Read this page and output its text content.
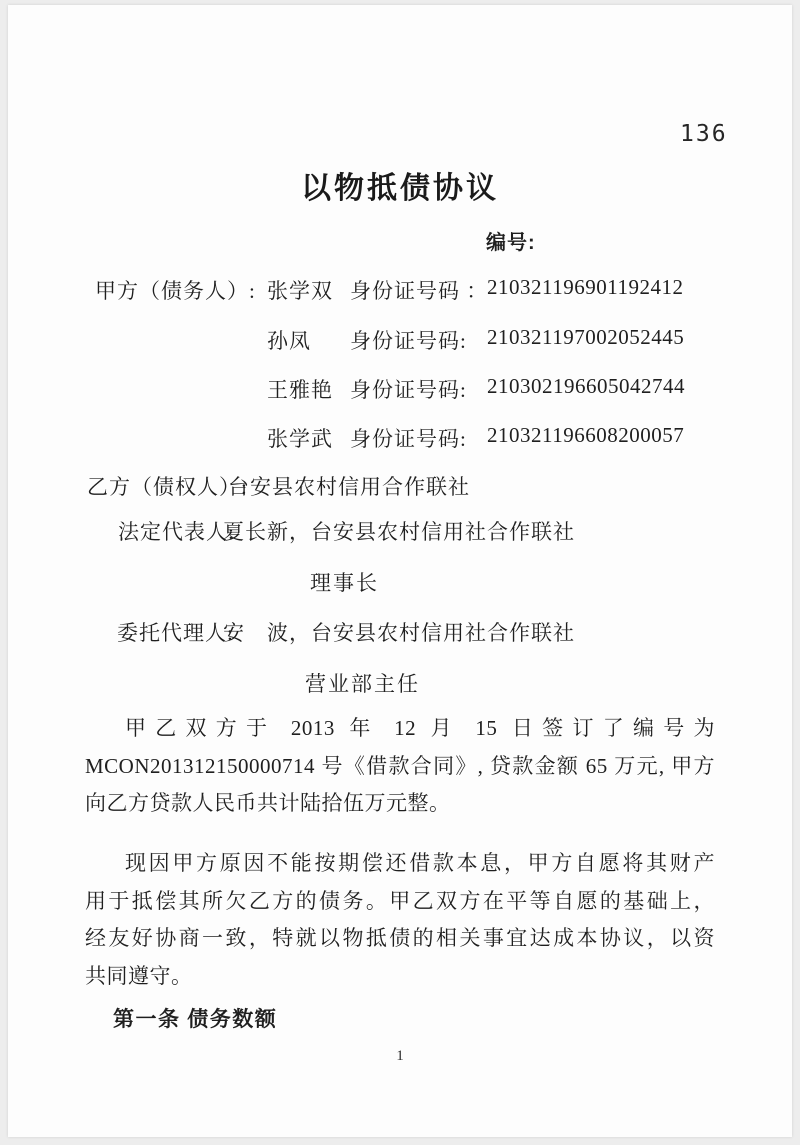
136
以物抵债协议
编号:
甲方（债务人）: 张学双 身份证号码 ：
210321196901192412
孙凤 身份证号码: 210321197002052445
王雅艳 身份证号码: 210302196605042744
张学武 身份证号码: 210321196608200057
乙方（债权人）:
台安县农村信用合作联社
法定代表人:
夏长新，台安县农村信用社合作联社
理事长
委托代理人:
安　波，台安县农村信用社合作联社
营业部主任
甲乙双方于 2013 年 12 月 15 日签订了编号为
MCON201312150000714 号《借款合同》, 贷款金额 65 万元, 甲方
向乙方贷款人民币共计陆拾伍万元整。
现因甲方原因不能按期偿还借款本息，甲方自愿将其财产
用于抵偿其所欠乙方的债务。甲乙双方在平等自愿的基础上，
经友好协商一致，特就以物抵债的相关事宜达成本协议，以资
共同遵守。
第一条 债务数额
1
